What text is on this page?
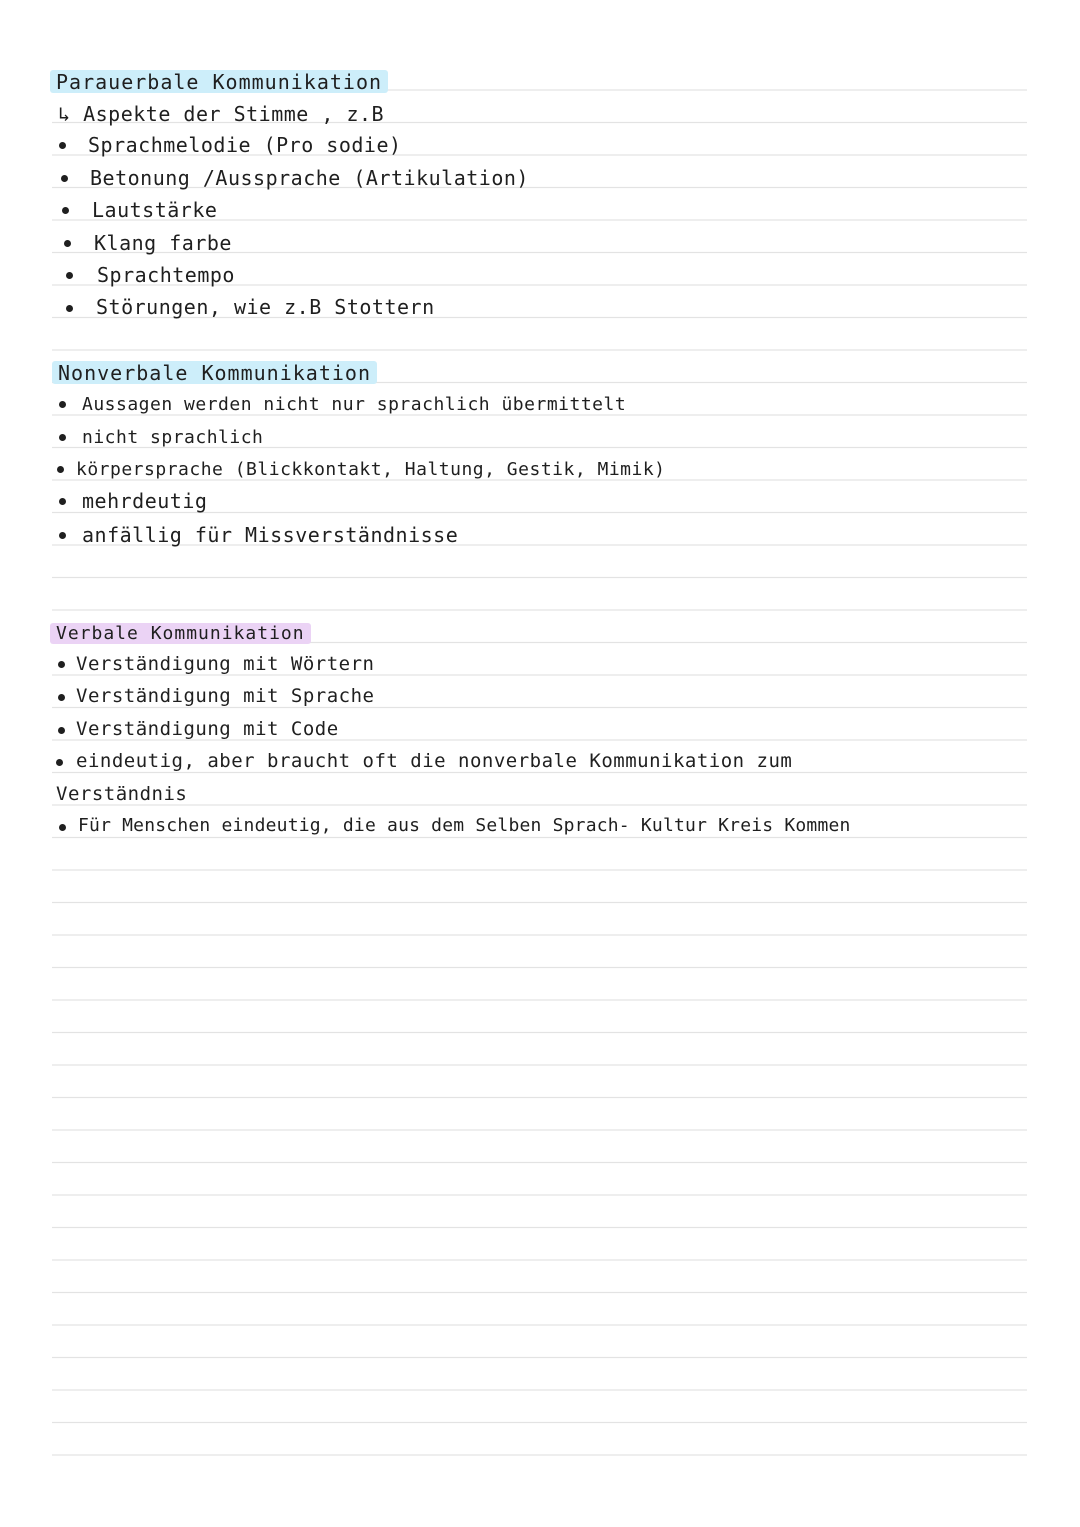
Parauerbale Kommunikation
↳ Aspekte der Stimme , z.B
Sprachmelodie (Pro sodie)
Betonung /Aussprache (Artikulation)
Lautstärke
Klang farbe
Sprachtempo
Störungen, wie z.B Stottern
Nonverbale Kommunikation
Aussagen werden nicht nur sprachlich übermittelt
nicht sprachlich
körpersprache (Blickkontakt, Haltung, Gestik, Mimik)
mehrdeutig
anfällig für Missverständnisse
Verbale Kommunikation
Verständigung mit Wörtern
Verständigung mit Sprache
Verständigung mit Code
eindeutig, aber braucht oft die nonverbale Kommunikation zum
Verständnis
Für Menschen eindeutig, die aus dem Selben Sprach- Kultur Kreis Kommen
